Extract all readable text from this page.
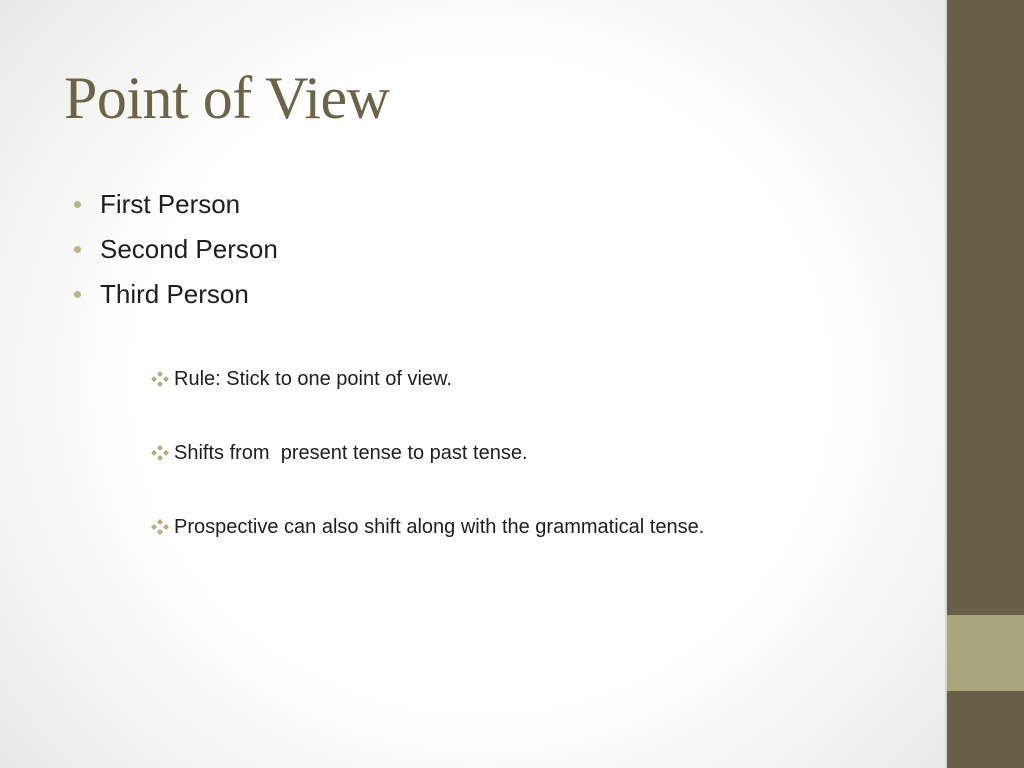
Point of View
First Person
Second Person
Third Person
Rule: Stick to one point of view.
Shifts from  present tense to past tense.
Prospective can also shift along with the grammatical tense.
